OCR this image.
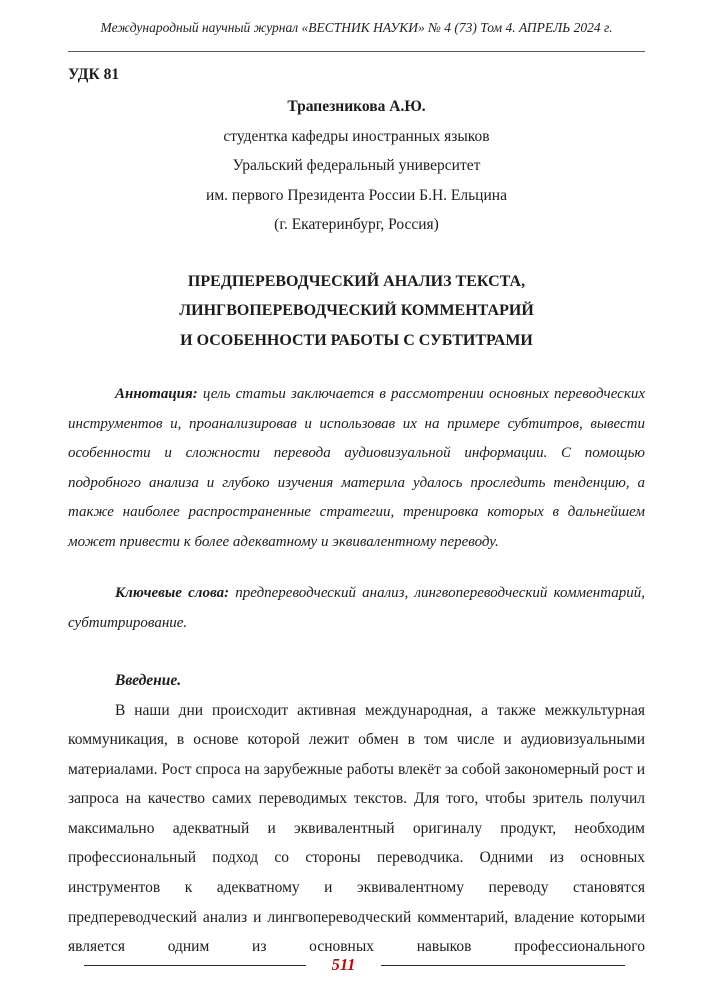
Международный научный журнал «ВЕСТНИК НАУКИ» № 4 (73) Том 4. АПРЕЛЬ 2024 г.
УДК 81
Трапезникова А.Ю.
студентка кафедры иностранных языков
Уральский федеральный университет
им. первого Президента России Б.Н. Ельцина
(г. Екатеринбург, Россия)
ПРЕДПЕРЕВОДЧЕСКИЙ АНАЛИЗ ТЕКСТА,
ЛИНГВОПЕРЕВОДЧЕСКИЙ КОММЕНТАРИЙ
И ОСОБЕННОСТИ РАБОТЫ С СУБТИТРАМИ

Аннотация: цель статьи заключается в рассмотрении основных переводческих инструментов и, проанализировав и использовав их на примере субтитров, вывести особенности и сложности перевода аудиовизуальной информации. С помощью подробного анализа и глубоко изучения материла удалось проследить тенденцию, а также наиболее распространенные стратегии, тренировка которых в дальнейшем может привести к более адекватному и эквивалентному переводу.

Ключевые слова: предпереводческий анализ, лингвопереводческий комментарий, субтитрирование.

Введение.

В наши дни происходит активная международная, а также межкультурная коммуникация, в основе которой лежит обмен в том числе и аудиовизуальными материалами. Рост спроса на зарубежные работы влекёт за собой закономерный рост и запроса на качество самих переводимых текстов. Для того, чтобы зритель получил максимально адекватный и эквивалентный оригиналу продукт, необходим профессиональный подход со стороны переводчика. Одними из основных инструментов к адекватному и эквивалентному переводу становятся предпереводческий анализ и лингвопереводческий комментарий, владение которыми является одним из основных навыков профессионального

511
